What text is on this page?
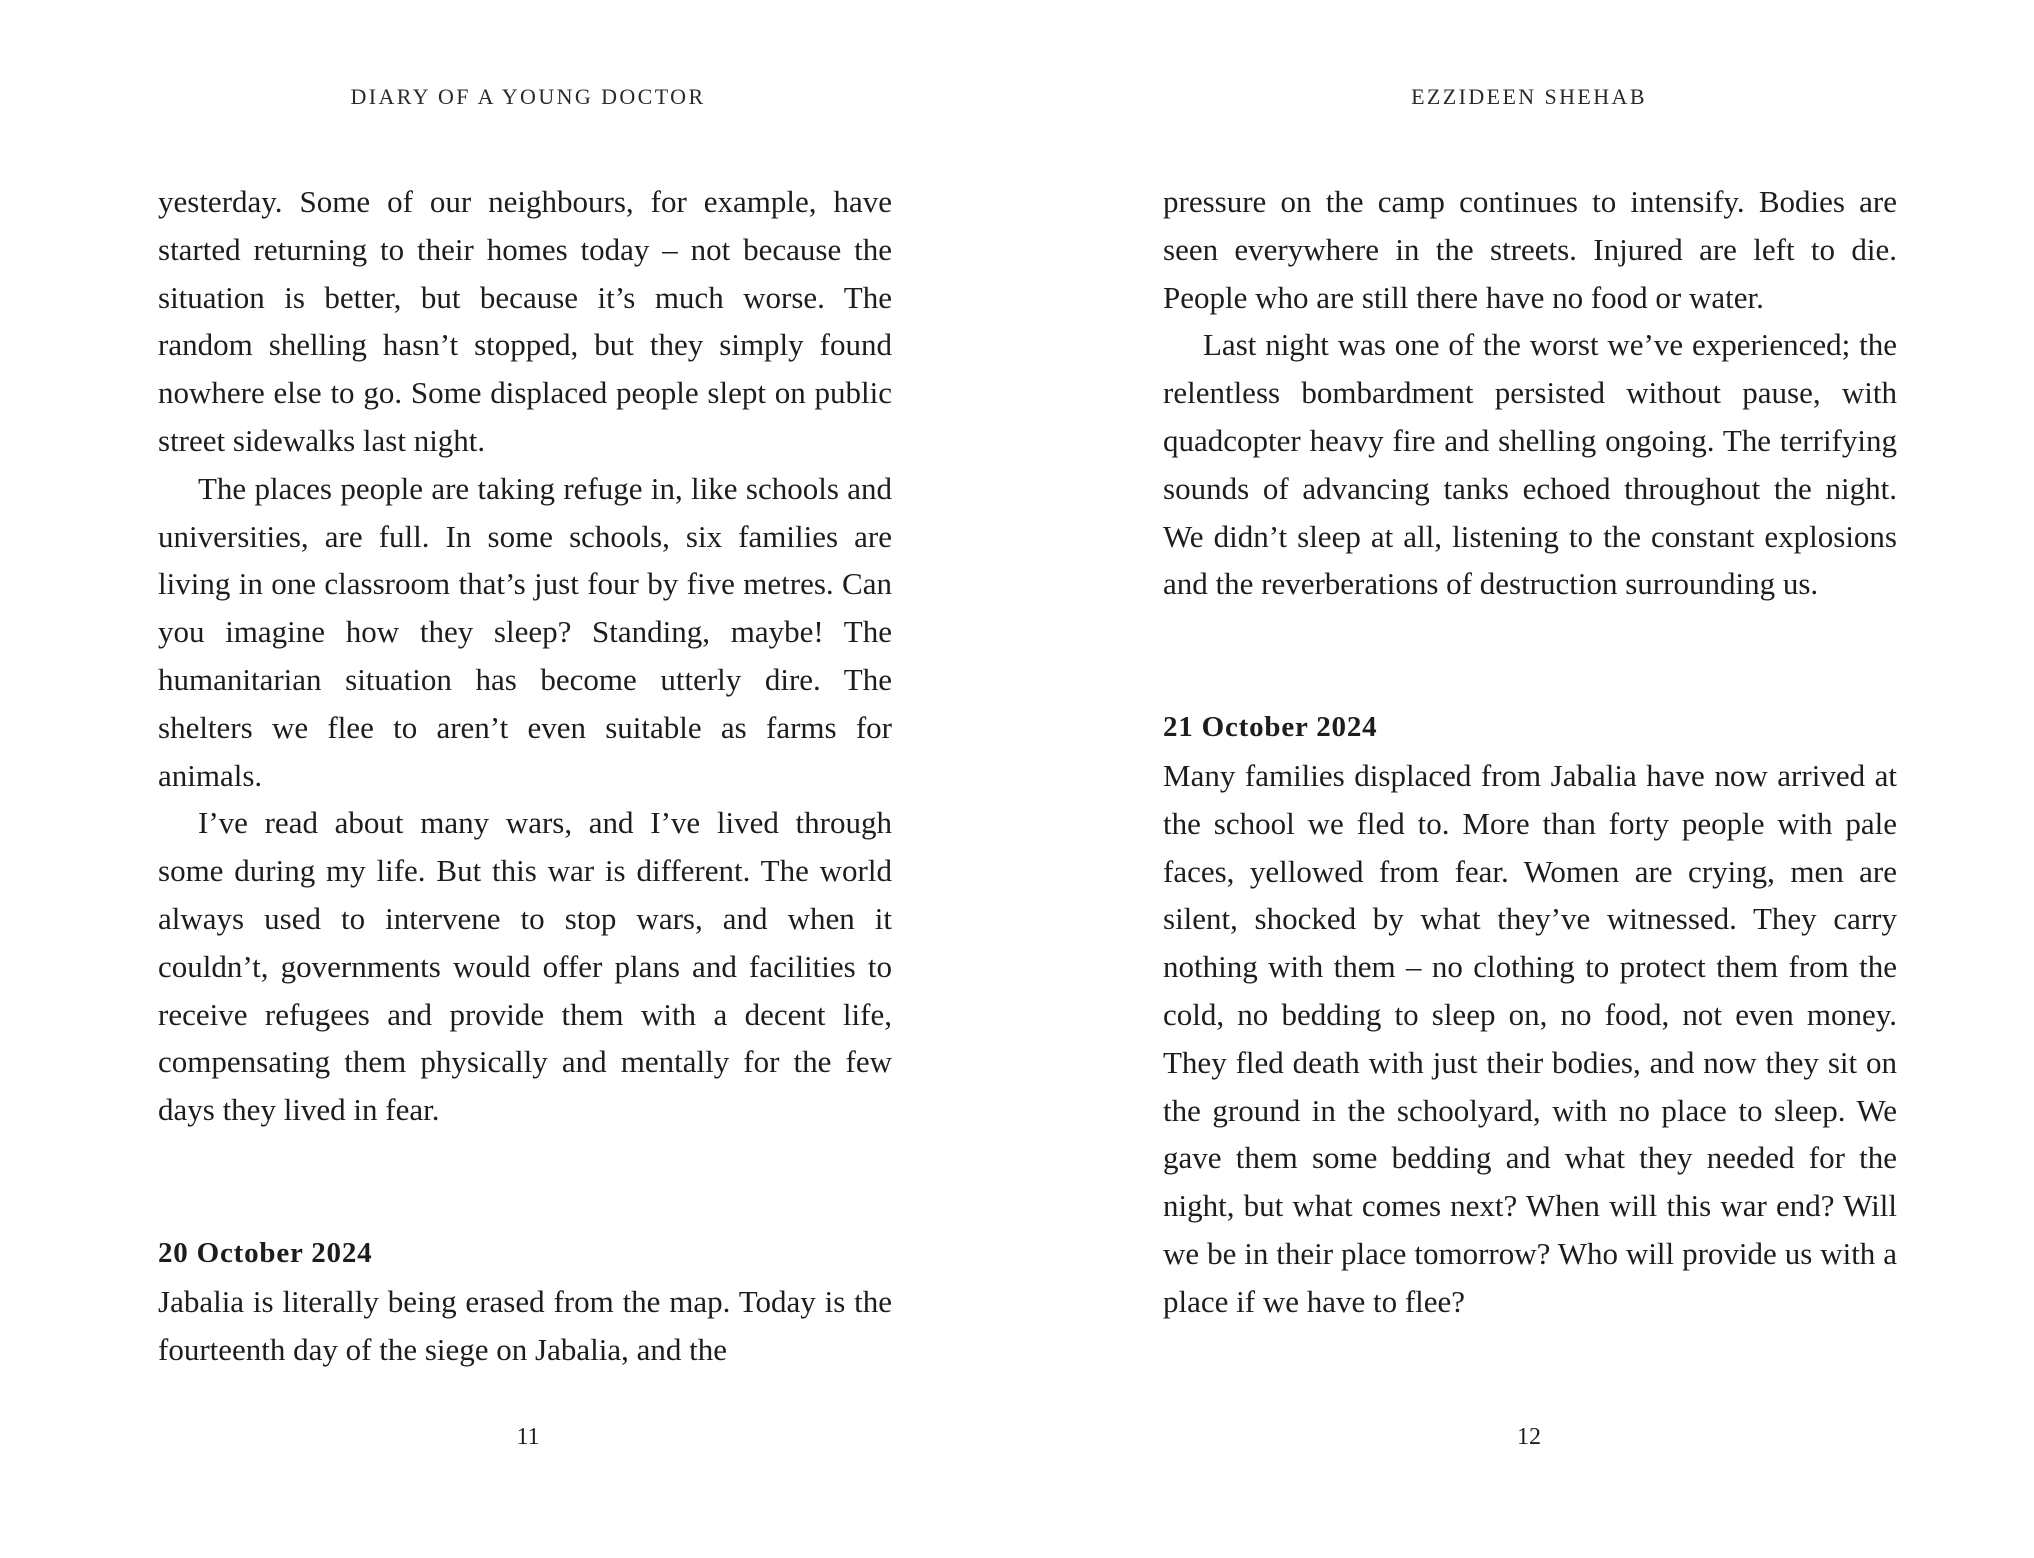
DIARY OF A YOUNG DOCTOR

yesterday. Some of our neighbours, for example, have started returning to their homes today – not because the situation is better, but because it’s much worse. The random shelling hasn’t stopped, but they simply found nowhere else to go. Some displaced people slept on public street sidewalks last night.

The places people are taking refuge in, like schools and universities, are full. In some schools, six families are living in one classroom that’s just four by five metres. Can you imagine how they sleep? Standing, maybe! The humanitarian situation has become utterly dire. The shelters we flee to aren’t even suitable as farms for animals.

I’ve read about many wars, and I’ve lived through some during my life. But this war is different. The world always used to intervene to stop wars, and when it couldn’t, governments would offer plans and facilities to receive refugees and provide them with a decent life, compensating them physically and mentally for the few days they lived in fear.

20 October 2024

Jabalia is literally being erased from the map. Today is the fourteenth day of the siege on Jabalia, and the

11
EZZIDEEN SHEHAB

pressure on the camp continues to intensify. Bodies are seen everywhere in the streets. Injured are left to die. People who are still there have no food or water.

Last night was one of the worst we’ve experienced; the relentless bombardment persisted without pause, with quadcopter heavy fire and shelling ongoing. The terrifying sounds of advancing tanks echoed throughout the night. We didn’t sleep at all, listening to the constant explosions and the reverberations of destruction surrounding us.

21 October 2024

Many families displaced from Jabalia have now arrived at the school we fled to. More than forty people with pale faces, yellowed from fear. Women are crying, men are silent, shocked by what they’ve witnessed. They carry nothing with them – no clothing to protect them from the cold, no bedding to sleep on, no food, not even money. They fled death with just their bodies, and now they sit on the ground in the schoolyard, with no place to sleep. We gave them some bedding and what they needed for the night, but what comes next? When will this war end? Will we be in their place tomorrow? Who will provide us with a place if we have to flee?

12
